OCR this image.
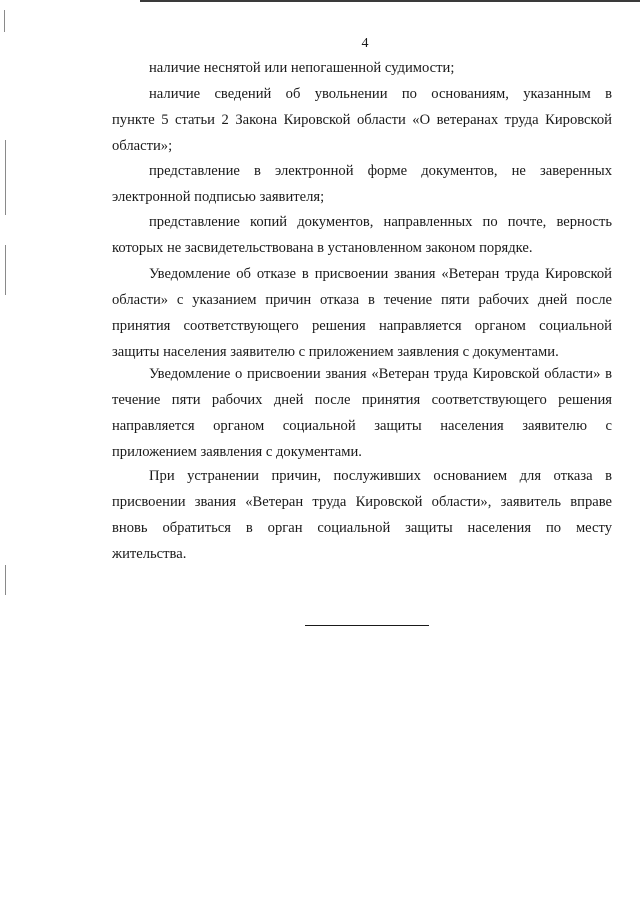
4
наличие неснятой или непогашенной судимости;
наличие сведений об увольнении по основаниям, указанным в
пункте 5 статьи 2 Закона Кировской области «О ветеранах труда Кировской
области»;
представление в электронной форме документов, не заверенных
электронной подписью заявителя;
представление копий документов, направленных по почте, верность
которых не засвидетельствована в установленном законом порядке.
Уведомление об отказе в присвоении звания «Ветеран труда Кировской
области» с указанием причин отказа в течение пяти рабочих дней после
принятия соответствующего решения направляется органом социальной
защиты населения заявителю с приложением заявления с документами.
Уведомление о присвоении звания «Ветеран труда Кировской области» в
течение пяти рабочих дней после принятия соответствующего решения
направляется органом социальной защиты населения заявителю с
приложением заявления с документами.
При устранении причин, послуживших основанием для отказа в
присвоении звания «Ветеран труда Кировской области», заявитель вправе
вновь обратиться в орган социальной защиты населения по месту
жительства.
